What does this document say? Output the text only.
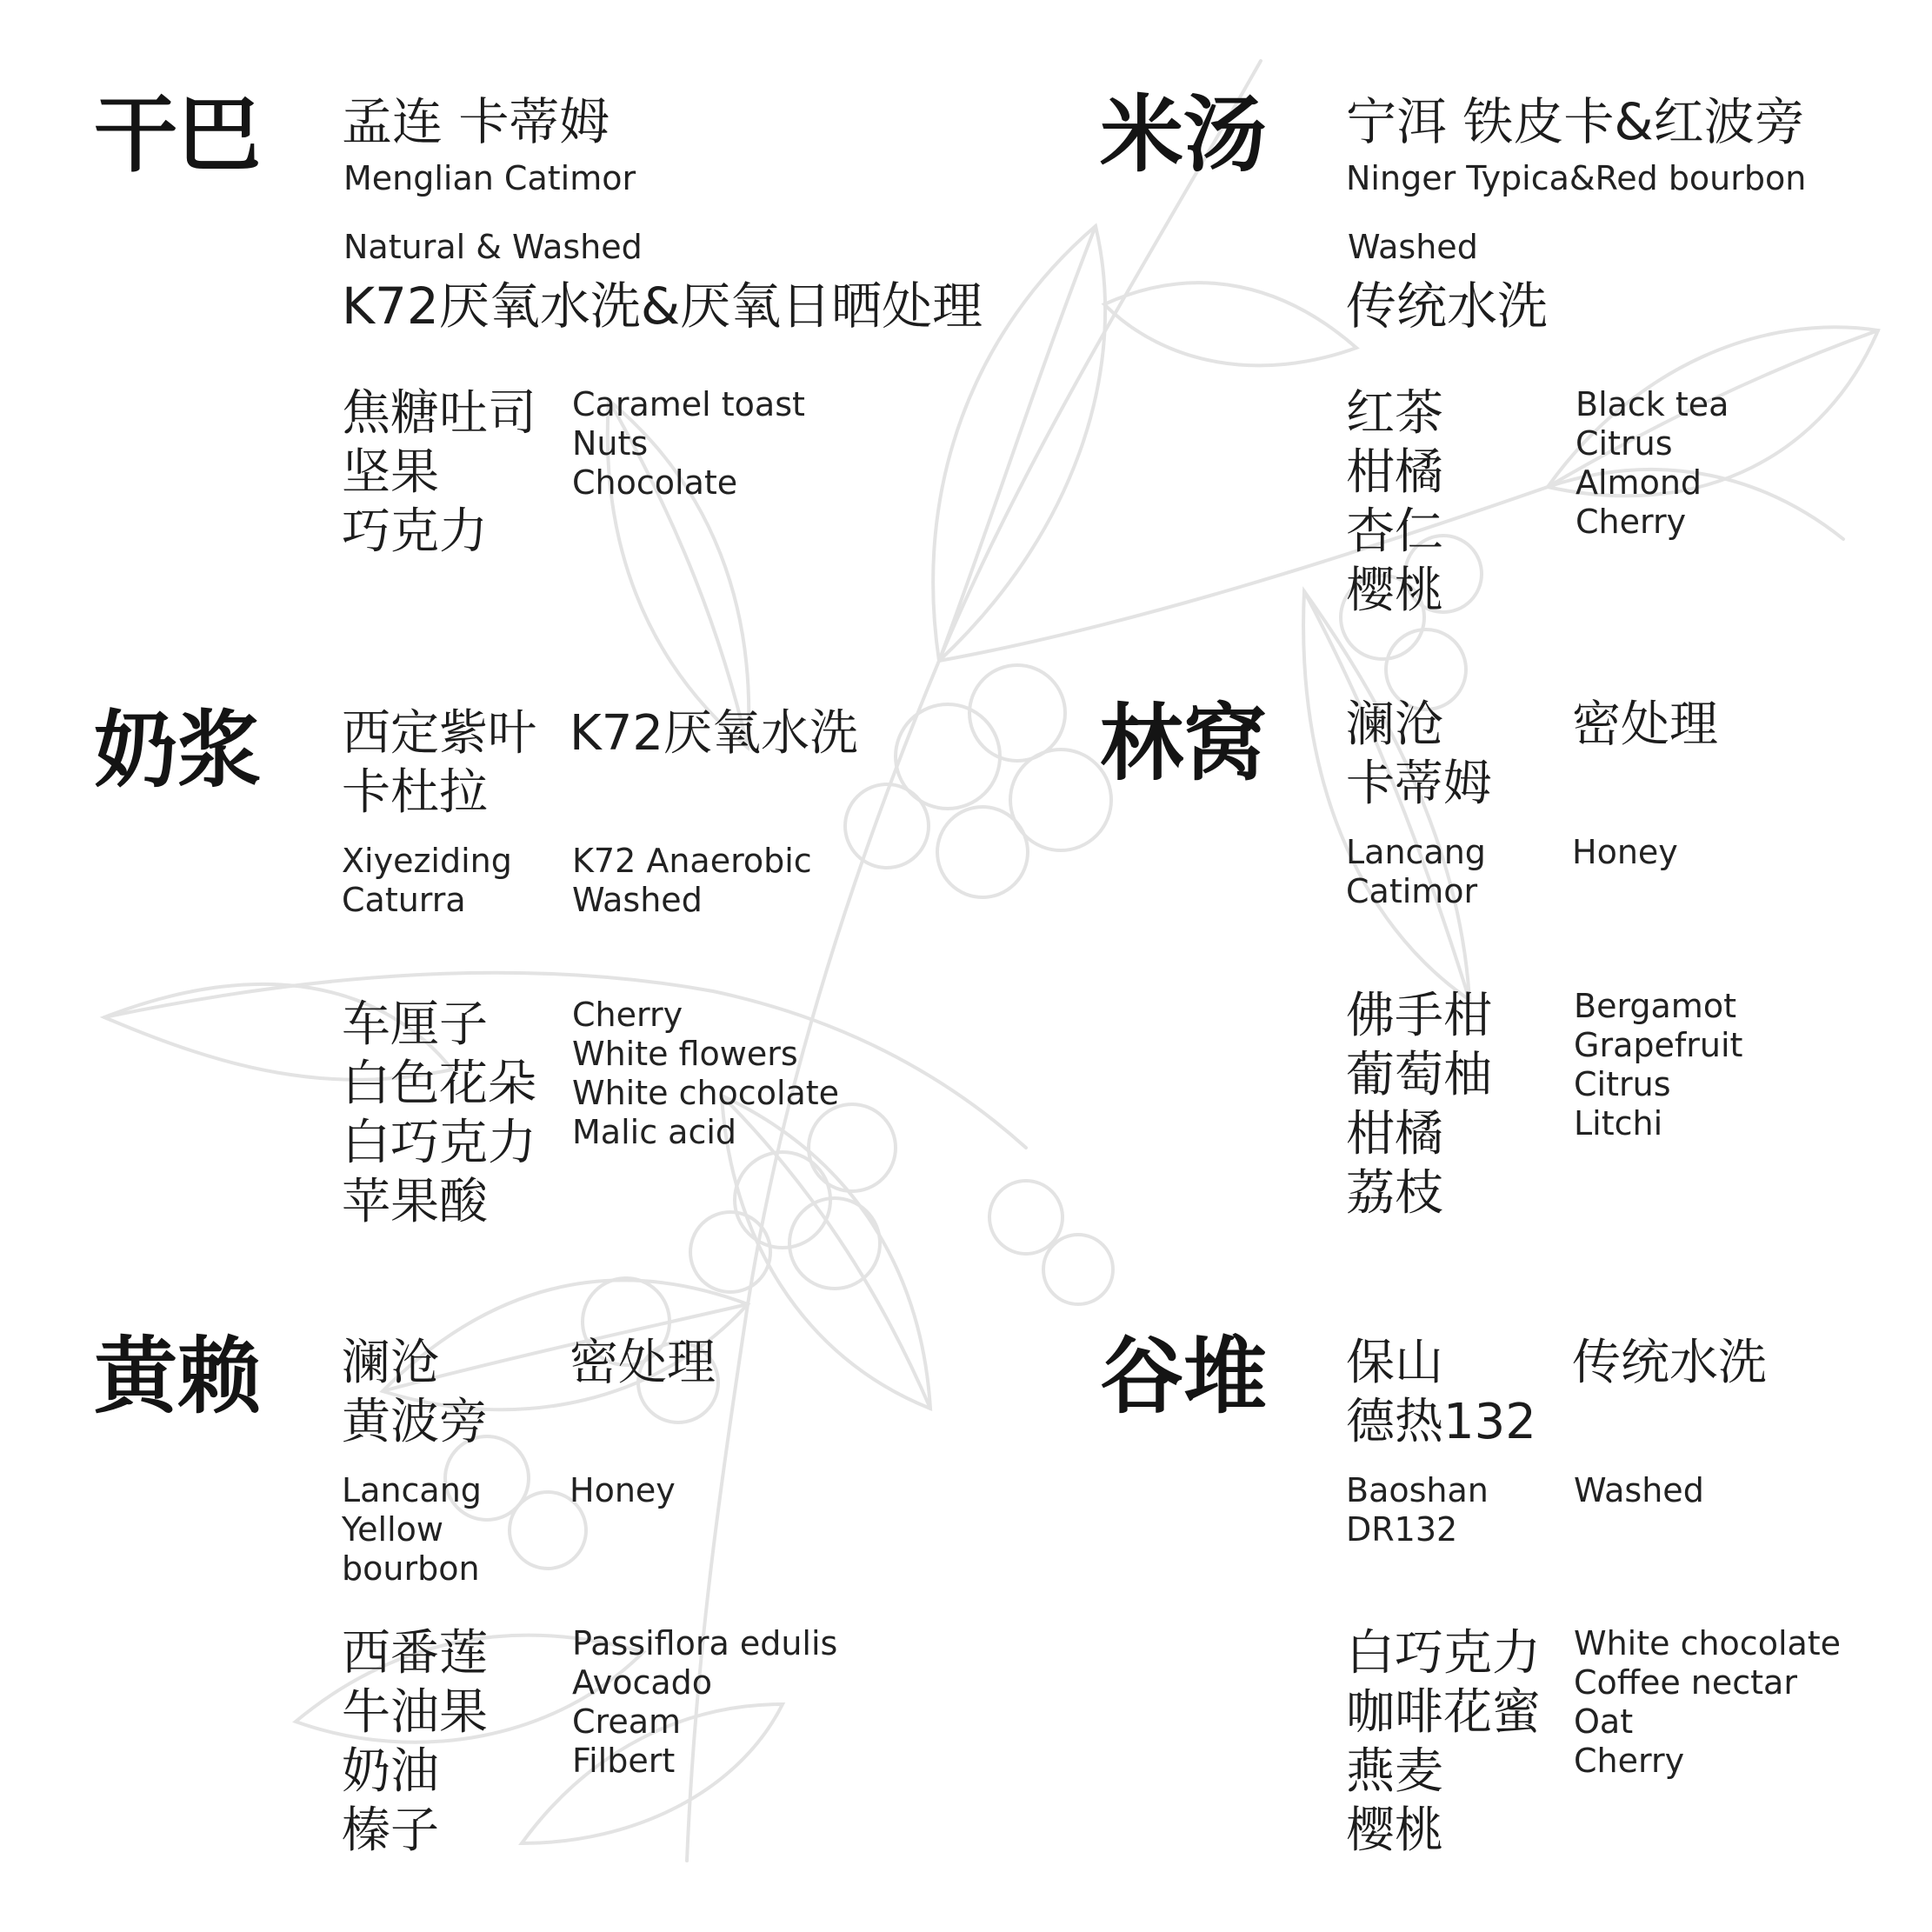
干巴 孟连 卡蒂姆
Menglian Catimor
Natural & Washed
K72厌氧水洗&厌氧日晒处理
焦糖吐司
坚果
巧克力
Caramel toast
Nuts
Chocolate
米汤 宁洱 铁皮卡&红波旁
Ninger Typica&Red bourbon
Washed
传统水洗
红茶
柑橘
杏仁
樱桃
Black tea
Citrus
Almond
Cherry
奶浆 西定紫叶
卡杜拉
K72厌氧水洗
Xiyeziding
Caturra
K72 Anaerobic
Washed
车厘子
白色花朵
白巧克力
苹果酸
Cherry
White flowers
White chocolate
Malic acid
林窝 澜沧
卡蒂姆
密处理
Lancang
Catimor
Honey
佛手柑
葡萄柚
柑橘
荔枝
Bergamot
Grapefruit
Citrus
Litchi
黄赖 澜沧
黄波旁
密处理
Lancang
Yellow
bourbon
Honey
西番莲
牛油果
奶油
榛子
Passiflora edulis
Avocado
Cream
Filbert
谷堆 保山
德热132
传统水洗
Baoshan
DR132
Washed
白巧克力
咖啡花蜜
燕麦
樱桃
White chocolate
Coffee nectar
Oat
Cherry
